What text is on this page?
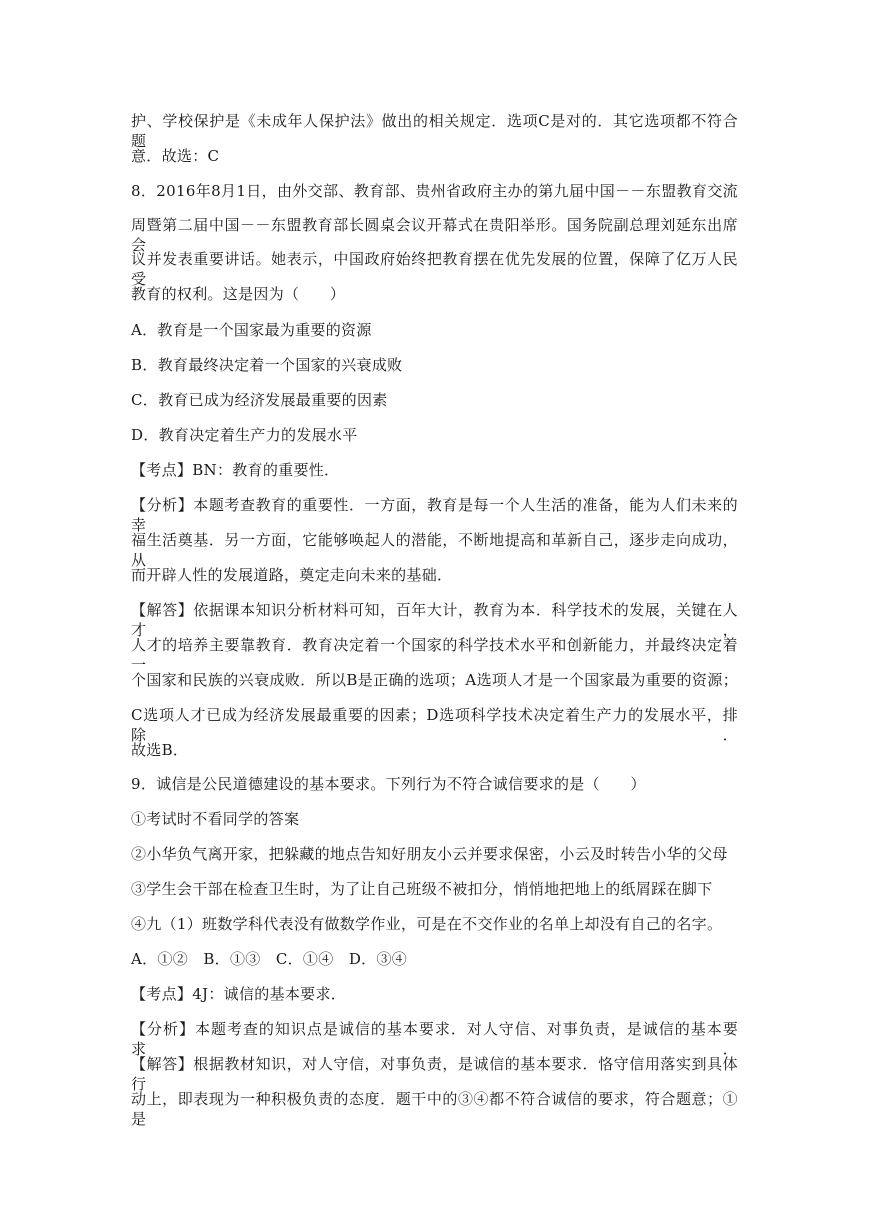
护、学校保护是《未成年人保护法》做出的相关规定．选项C是对的．其它选项都不符合题
意．故选：C
8．2016年8月1日，由外交部、教育部、贵州省政府主办的第九届中国－－东盟教育交流
周暨第二届中国－－东盟教育部长圆桌会议开幕式在贵阳举形。国务院副总理刘延东出席会
议并发表重要讲话。她表示，中国政府始终把教育摆在优先发展的位置，保障了亿万人民受
教育的权利。这是因为（　　）
A．教育是一个国家最为重要的资源
B．教育最终决定着一个国家的兴衰成败
C．教育已成为经济发展最重要的因素
D．教育决定着生产力的发展水平
【考点】BN：教育的重要性．
【分析】本题考查教育的重要性．一方面，教育是每一个人生活的准备，能为人们未来的幸
福生活奠基．另一方面，它能够唤起人的潜能，不断地提高和革新自己，逐步走向成功，从
而开辟人性的发展道路，奠定走向未来的基础．
【解答】依据课本知识分析材料可知，百年大计，教育为本．科学技术的发展，关键在人才，
人才的培养主要靠教育．教育决定着一个国家的科学技术水平和创新能力，并最终决定着一
个国家和民族的兴衰成败．所以B是正确的选项；A选项人才是一个国家最为重要的资源；
C选项人才已成为经济发展最重要的因素；D选项科学技术决定着生产力的发展水平，排除．
故选B．
9．诚信是公民道德建设的基本要求。下列行为不符合诚信要求的是（　　）
①考试时不看同学的答案
②小华负气离开家，把躲藏的地点告知好朋友小云并要求保密，小云及时转告小华的父母
③学生会干部在检查卫生时，为了让自己班级不被扣分，悄悄地把地上的纸屑踩在脚下
④九（1）班数学科代表没有做数学作业，可是在不交作业的名单上却没有自己的名字。
A．①②　B．①③　C．①④　D．③④
【考点】4J：诚信的基本要求．
【分析】本题考查的知识点是诚信的基本要求．对人守信、对事负责，是诚信的基本要求．
【解答】根据教材知识，对人守信，对事负责，是诚信的基本要求．恪守信用落实到具体行
动上，即表现为一种积极负责的态度．题干中的③④都不符合诚信的要求，符合题意；①是
